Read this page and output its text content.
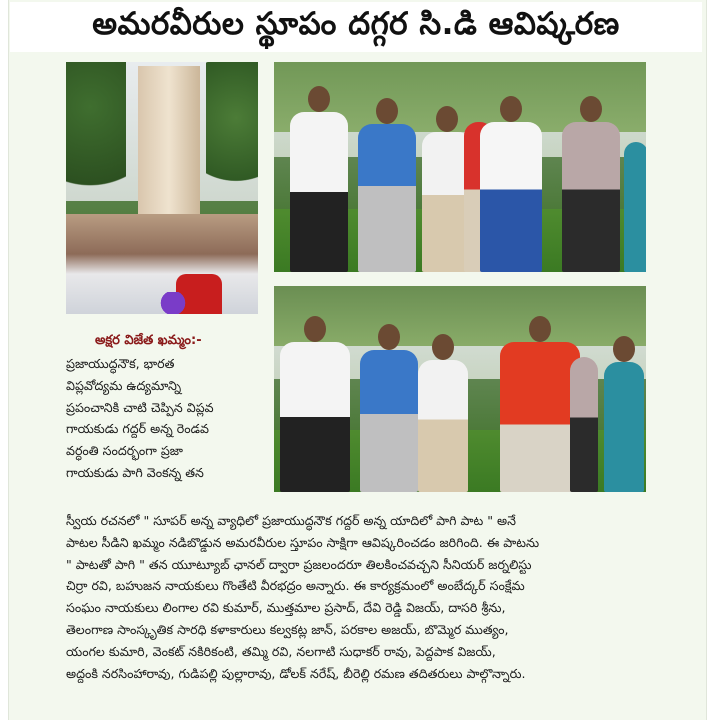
అమరవీరుల స్థూపం దగ్గర సి.డి ఆవిష్కరణ
అక్షర విజేత ఖమ్మం:-
ప్రజాయుద్ధనౌక, భారత
విప్లవోద్యమ ఉద్యమాన్ని
ప్రపంచానికి చాటి చెప్పిన విప్లవ
గాయకుడు గద్దర్ అన్న రెండవ
వర్ధంతి సందర్భంగా ప్రజా
గాయకుడు పాగి వెంకన్న తన
స్వీయ రచనలో " సూపర్ అన్న వ్యాధిలో ప్రజాయుద్ధనౌక గద్దర్ అన్న యాదిలో పాగి పాట " అనే
పాటల సీడిని ఖమ్మం నడిబొడ్డున అమరవీరుల స్తూపం సాక్షిగా ఆవిష్కరించడం జరిగింది. ఈ పాటను
" పాటతో పాగి " తన యూట్యూబ్ ఛానల్ ద్వారా ప్రజలందరూ తిలకించవచ్చని సీనియర్ జర్నలిస్టు
చిర్రా రవి, బహుజన నాయకులు గొంతేటి వీరభద్రం అన్నారు. ఈ కార్యక్రమంలో అంబేద్కర్ సంక్షేమ
సంఘం నాయకులు లింగాల రవి కుమార్, ముత్తమాల ప్రసాద్, దేవి రెడ్డి విజయ్, దాసరి శ్రీను,
తెలంగాణ సాంస్కృతిక సారధి కళాకారులు కల్వకట్ల జాన్, పరకాల అజయ్, బొమ్మెర ముత్యం,
యంగల కుమారి, వెంకట్ నకిరికంటి, తమ్మి రవి, నలగాటి సుధాకర్ రావు, పెద్దపాక విజయ్,
అద్దంకి నరసింహారావు, గుడిపల్లి పుల్లారావు, డోలక్ నరేష్, బీరెల్లి రమణ తదితరులు పాల్గొన్నారు.
